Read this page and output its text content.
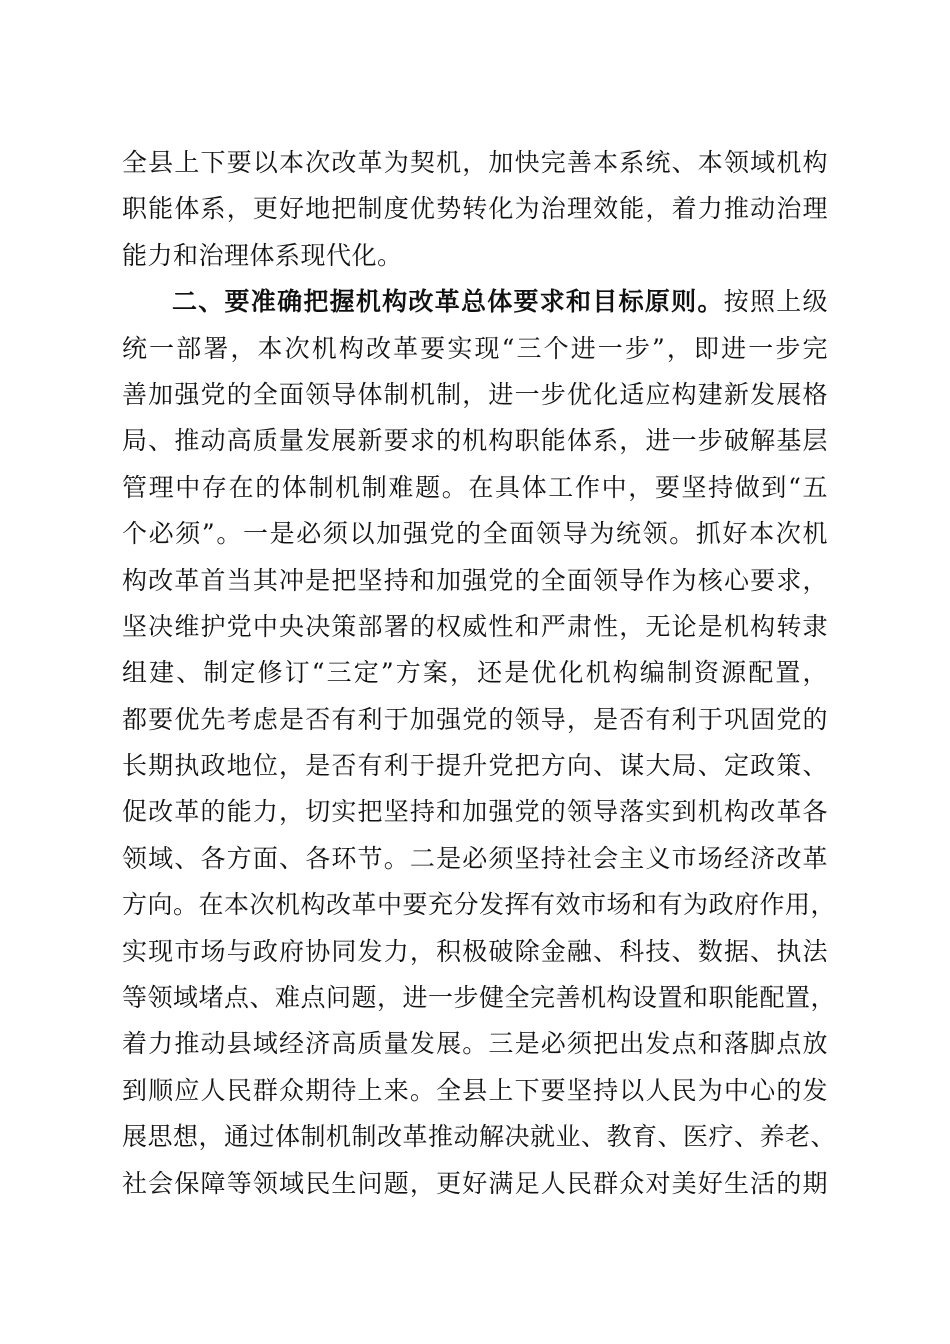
全县上下要以本次改革为契机，加快完善本系统、本领域机构
职能体系，更好地把制度优势转化为治理效能，着力推动治理
能力和治理体系现代化。
二、要准确把握机构改革总体要求和目标原则。按照上级
统一部署，本次机构改革要实现“三个进一步”，即进一步完
善加强党的全面领导体制机制，进一步优化适应构建新发展格
局、推动高质量发展新要求的机构职能体系，进一步破解基层
管理中存在的体制机制难题。在具体工作中，要坚持做到“五
个必须”。一是必须以加强党的全面领导为统领。抓好本次机
构改革首当其冲是把坚持和加强党的全面领导作为核心要求，
坚决维护党中央决策部署的权威性和严肃性，无论是机构转隶
组建、制定修订“三定”方案，还是优化机构编制资源配置，
都要优先考虑是否有利于加强党的领导，是否有利于巩固党的
长期执政地位，是否有利于提升党把方向、谋大局、定政策、
促改革的能力，切实把坚持和加强党的领导落实到机构改革各
领域、各方面、各环节。二是必须坚持社会主义市场经济改革
方向。在本次机构改革中要充分发挥有效市场和有为政府作用，
实现市场与政府协同发力，积极破除金融、科技、数据、执法
等领域堵点、难点问题，进一步健全完善机构设置和职能配置，
着力推动县域经济高质量发展。三是必须把出发点和落脚点放
到顺应人民群众期待上来。全县上下要坚持以人民为中心的发
展思想，通过体制机制改革推动解决就业、教育、医疗、养老、
社会保障等领域民生问题，更好满足人民群众对美好生活的期
